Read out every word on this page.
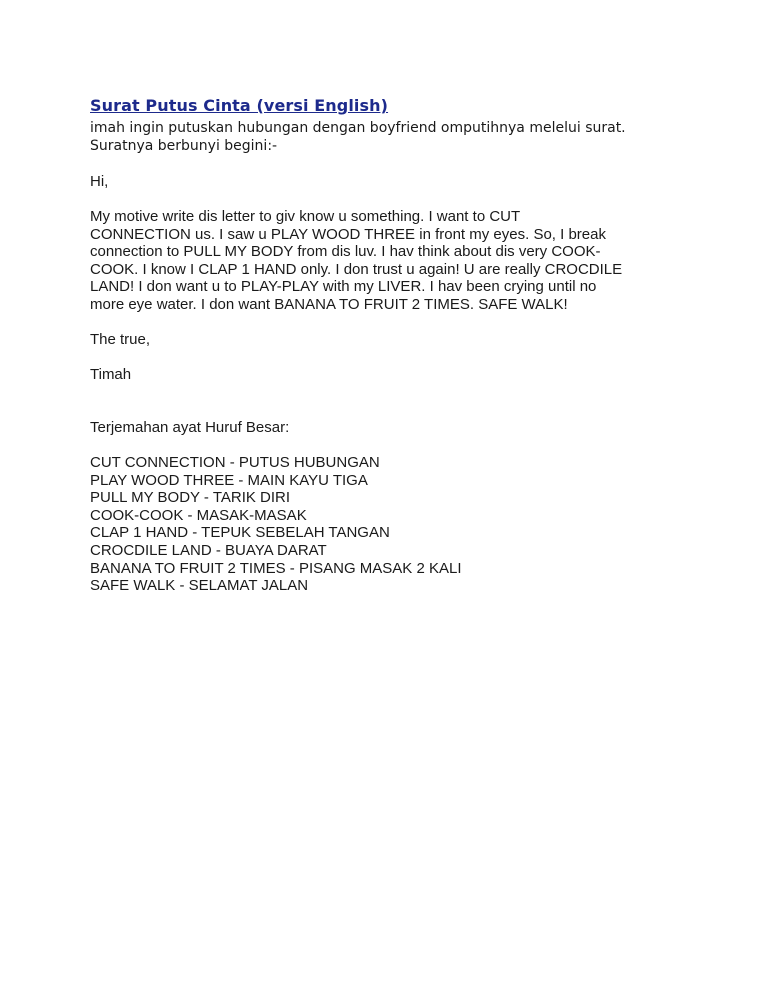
Surat Putus Cinta (versi English)
imah ingin putuskan hubungan dengan boyfriend omputihnya melelui surat.
Suratnya berbunyi begini:-
Hi,
My motive write dis letter to giv know u something. I want to CUT
CONNECTION us. I saw u PLAY WOOD THREE in front my eyes. So, I break
connection to PULL MY BODY from dis luv. I hav think about dis very COOK-
COOK. I know I CLAP 1 HAND only. I don trust u again! U are really CROCDILE
LAND! I don want u to PLAY-PLAY with my LIVER. I hav been crying until no
more eye water. I don want BANANA TO FRUIT 2 TIMES. SAFE WALK!
The true,
Timah
Terjemahan ayat Huruf Besar:
CUT CONNECTION - PUTUS HUBUNGAN
PLAY WOOD THREE - MAIN KAYU TIGA
PULL MY BODY - TARIK DIRI
COOK-COOK - MASAK-MASAK
CLAP 1 HAND - TEPUK SEBELAH TANGAN
CROCDILE LAND - BUAYA DARAT
BANANA TO FRUIT 2 TIMES - PISANG MASAK 2 KALI
SAFE WALK - SELAMAT JALAN
